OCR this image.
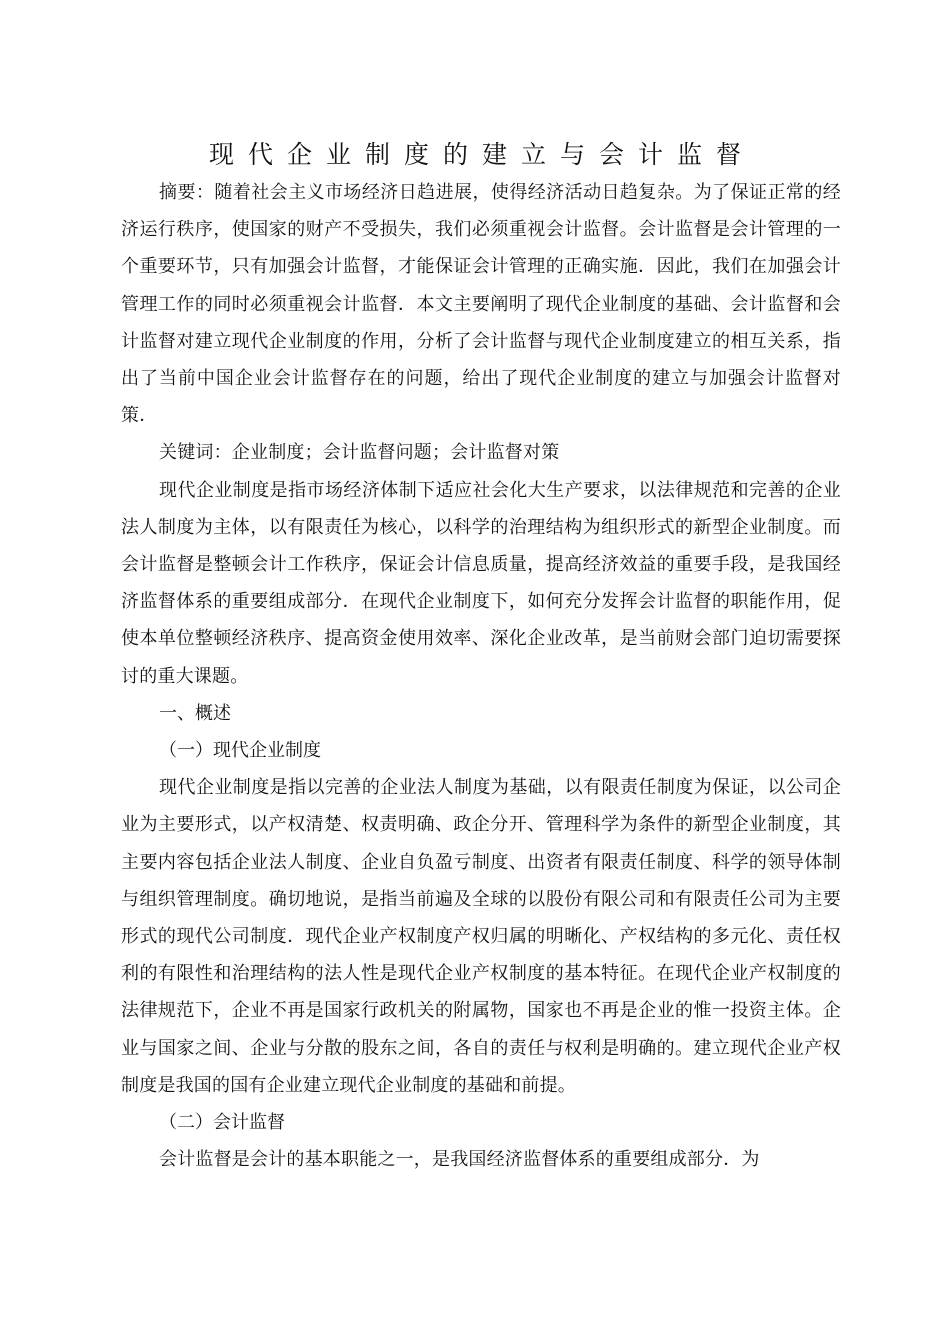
现代企业制度的建立与会计监督

摘要：随着社会主义市场经济日趋进展，使得经济活动日趋复杂。为了保证正常的经济运行秩序，使国家的财产不受损失，我们必须重视会计监督。会计监督是会计管理的一个重要环节，只有加强会计监督，才能保证会计管理的正确实施．因此，我们在加强会计管理工作的同时必须重视会计监督．本文主要阐明了现代企业制度的基础、会计监督和会计监督对建立现代企业制度的作用，分析了会计监督与现代企业制度建立的相互关系，指出了当前中国企业会计监督存在的问题，给出了现代企业制度的建立与加强会计监督对策．

关键词：企业制度；会计监督问题；会计监督对策

现代企业制度是指市场经济体制下适应社会化大生产要求，以法律规范和完善的企业法人制度为主体，以有限责任为核心，以科学的治理结构为组织形式的新型企业制度。而会计监督是整顿会计工作秩序，保证会计信息质量，提高经济效益的重要手段，是我国经济监督体系的重要组成部分．在现代企业制度下，如何充分发挥会计监督的职能作用，促使本单位整顿经济秩序、提高资金使用效率、深化企业改革，是当前财会部门迫切需要探讨的重大课题。

一、概述

（一）现代企业制度

现代企业制度是指以完善的企业法人制度为基础，以有限责任制度为保证，以公司企业为主要形式，以产权清楚、权责明确、政企分开、管理科学为条件的新型企业制度，其主要内容包括企业法人制度、企业自负盈亏制度、出资者有限责任制度、科学的领导体制与组织管理制度。确切地说，是指当前遍及全球的以股份有限公司和有限责任公司为主要形式的现代公司制度．现代企业产权制度产权归属的明晰化、产权结构的多元化、责任权利的有限性和治理结构的法人性是现代企业产权制度的基本特征。在现代企业产权制度的法律规范下，企业不再是国家行政机关的附属物，国家也不再是企业的惟一投资主体。企业与国家之间、企业与分散的股东之间，各自的责任与权利是明确的。建立现代企业产权制度是我国的国有企业建立现代企业制度的基础和前提。

（二）会计监督

会计监督是会计的基本职能之一，是我国经济监督体系的重要组成部分．为
